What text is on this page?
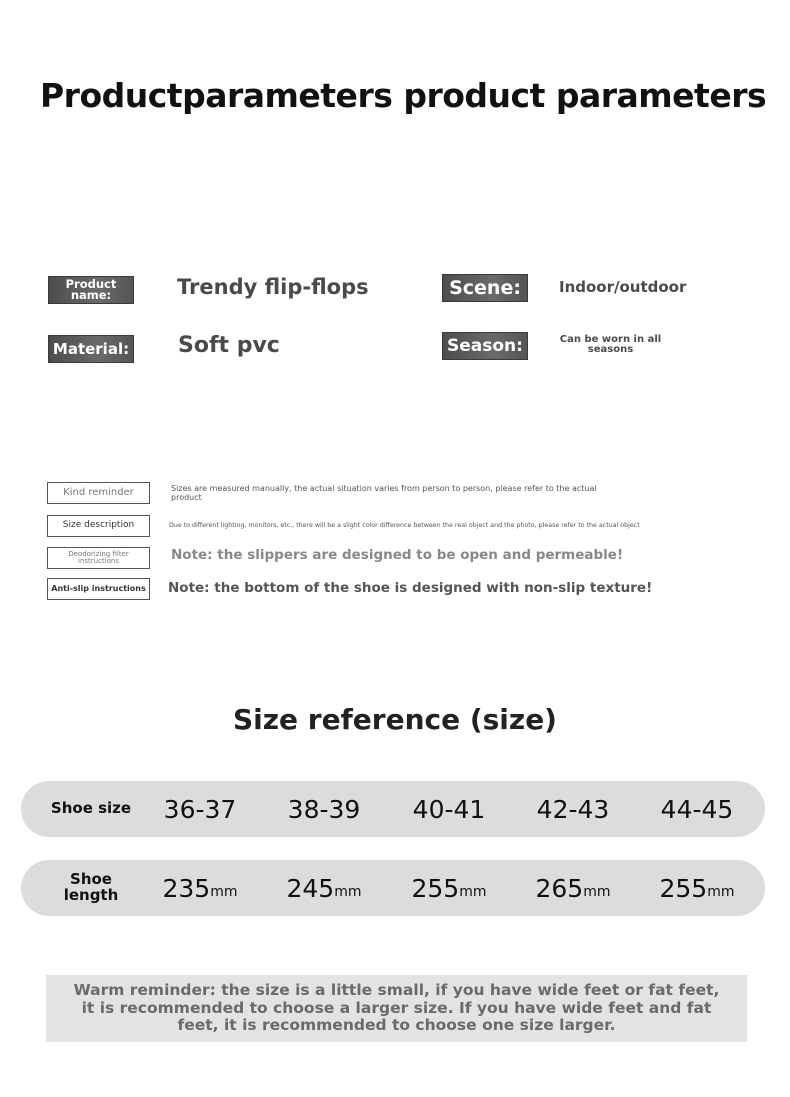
Productparameters product parameters
Product name:	Trendy flip-flops	Scene:	Indoor/outdoor
Material: Soft pvc	Season:	Can be worn in all seasons
Kind reminder	Sizes are measured manually, the actual situation varies from person to person, please refer to the actual product
Size description	Due to different lighting, monitors, etc., there will be a slight color difference between the real object and the photo, please refer to the actual object
Deodorizing filter instructions	Note: the slippers are designed to be open and permeable!
Anti-slip instructions	Note: the bottom of the shoe is designed with non-slip texture!
Size reference (size)
Shoe size	36-37	38-39	40-41	42-43	44-45
Shoe length	235 mm 245 mm 255 mm 265 mm 255 mm
Warm reminder: the size is a little small, if you have wide feet or fat feet, it is recommended to choose a larger size. If you have wide feet and fat feet, it is recommended to choose one size larger.
